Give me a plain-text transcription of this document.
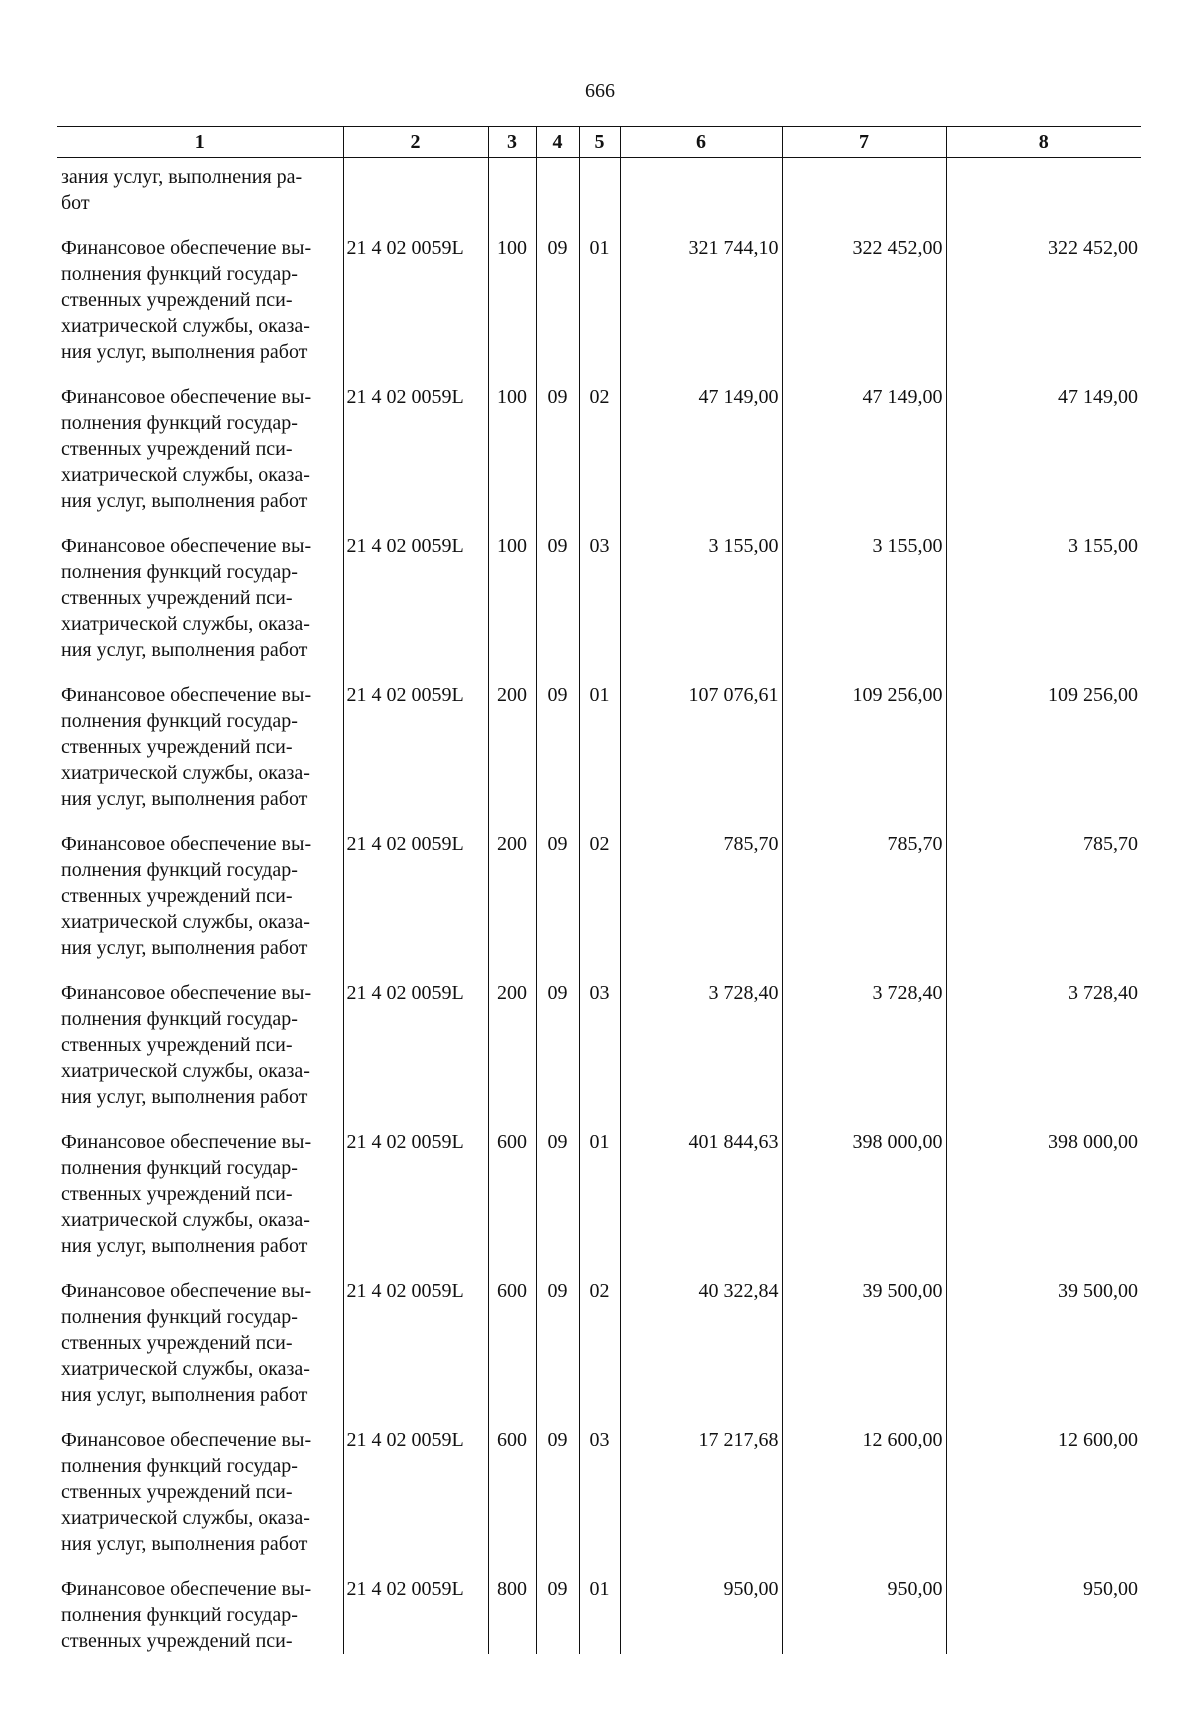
666
1	2	3	4	5	6	7	8

зания услуг, выполнения ра-
бот							

Финансовое обеспечение вы-
полнения функций государ-
ственных учреждений пси-
хиатрической службы, оказа-
ния услуг, выполнения работ	21 4 02 0059L	100	09	01	321 744,10	322 452,00	322 452,00

Финансовое обеспечение вы-
полнения функций государ-
ственных учреждений пси-
хиатрической службы, оказа-
ния услуг, выполнения работ	21 4 02 0059L	100	09	02	47 149,00	47 149,00	47 149,00

Финансовое обеспечение вы-
полнения функций государ-
ственных учреждений пси-
хиатрической службы, оказа-
ния услуг, выполнения работ	21 4 02 0059L	100	09	03	3 155,00	3 155,00	3 155,00

Финансовое обеспечение вы-
полнения функций государ-
ственных учреждений пси-
хиатрической службы, оказа-
ния услуг, выполнения работ	21 4 02 0059L	200	09	01	107 076,61	109 256,00	109 256,00

Финансовое обеспечение вы-
полнения функций государ-
ственных учреждений пси-
хиатрической службы, оказа-
ния услуг, выполнения работ	21 4 02 0059L	200	09	02	785,70	785,70	785,70

Финансовое обеспечение вы-
полнения функций государ-
ственных учреждений пси-
хиатрической службы, оказа-
ния услуг, выполнения работ	21 4 02 0059L	200	09	03	3 728,40	3 728,40	3 728,40

Финансовое обеспечение вы-
полнения функций государ-
ственных учреждений пси-
хиатрической службы, оказа-
ния услуг, выполнения работ	21 4 02 0059L	600	09	01	401 844,63	398 000,00	398 000,00

Финансовое обеспечение вы-
полнения функций государ-
ственных учреждений пси-
хиатрической службы, оказа-
ния услуг, выполнения работ	21 4 02 0059L	600	09	02	40 322,84	39 500,00	39 500,00

Финансовое обеспечение вы-
полнения функций государ-
ственных учреждений пси-
хиатрической службы, оказа-
ния услуг, выполнения работ	21 4 02 0059L	600	09	03	17 217,68	12 600,00	12 600,00

Финансовое обеспечение вы-
полнения функций государ-
ственных учреждений пси-	21 4 02 0059L	800	09	01	950,00	950,00	950,00
